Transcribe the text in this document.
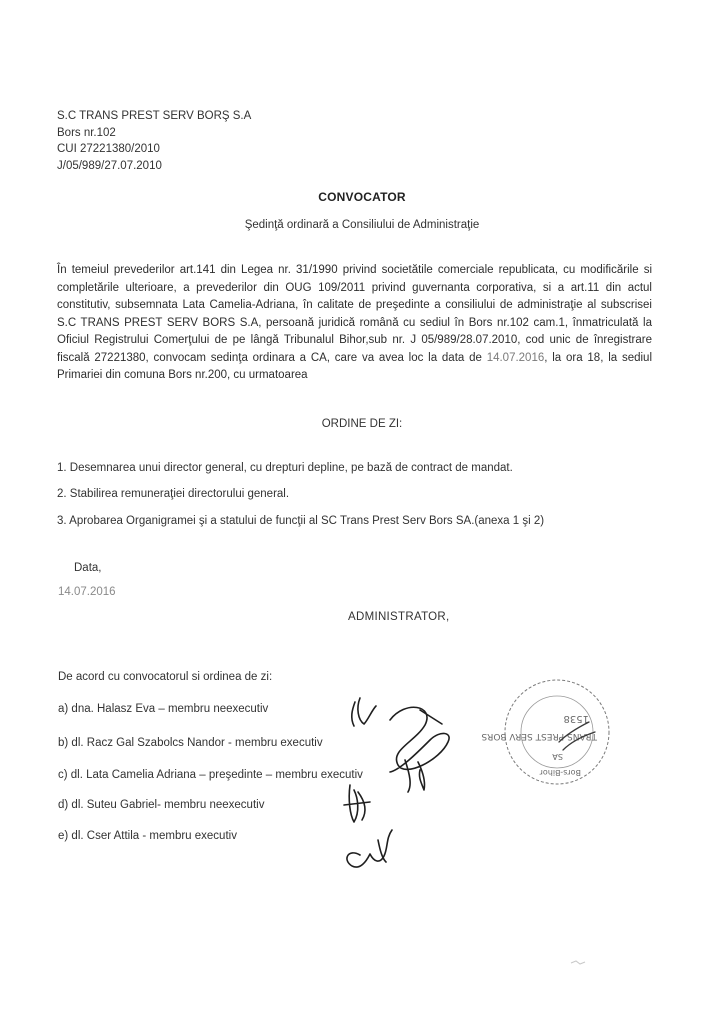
S.C TRANS PREST SERV BORŞ S.A
Bors nr.102
CUI 27221380/2010
J/05/989/27.07.2010
CONVOCATOR
Şedinţă ordinară a Consiliului de Administraţie
În temeiul prevederilor art.141 din Legea nr. 31/1990 privind societătile comerciale republicata, cu modificările si completările ulterioare, a prevederilor din OUG 109/2011 privind guvernanta corporativa, si a art.11 din actul constitutiv, subsemnata Lata Camelia-Adriana, în calitate de preşedinte a consiliului de administraţie al subscrisei S.C TRANS PREST SERV BORS S.A, persoană juridică română cu sediul în Bors nr.102 cam.1, înmatriculată la Oficiul Registrului Comerţului de pe lângă Tribunalul Bihor,sub nr. J 05/989/28.07.2010, cod unic de înregistrare fiscală 27221380, convocam sedinţa ordinara a CA, care va avea loc la data de 14.07.2016, la ora 18, la sediul Primariei din comuna Bors nr.200, cu urmatoarea
ORDINE DE ZI:
1. Desemnarea unui director general, cu drepturi depline, pe bază de contract de mandat.
2. Stabilirea remuneraţiei directorului general.
3. Aprobarea Organigramei şi a statului de funcţii al SC Trans Prest Serv Bors SA.(anexa 1 şi 2)
Data,
14.07.2016
ADMINISTRATOR,
De acord cu convocatorul si ordinea de zi:
a) dna. Halasz Eva – membru neexecutiv
b) dl. Racz Gal Szabolcs Nandor - membru executiv
c) dl. Lata Camelia Adriana – preşedinte – membru executiv
d) dl. Suteu Gabriel- membru neexecutiv
e) dl. Cser Attila - membru executiv
Bors-Bihor
SA
TRANS PREST SERV BORS
1538
